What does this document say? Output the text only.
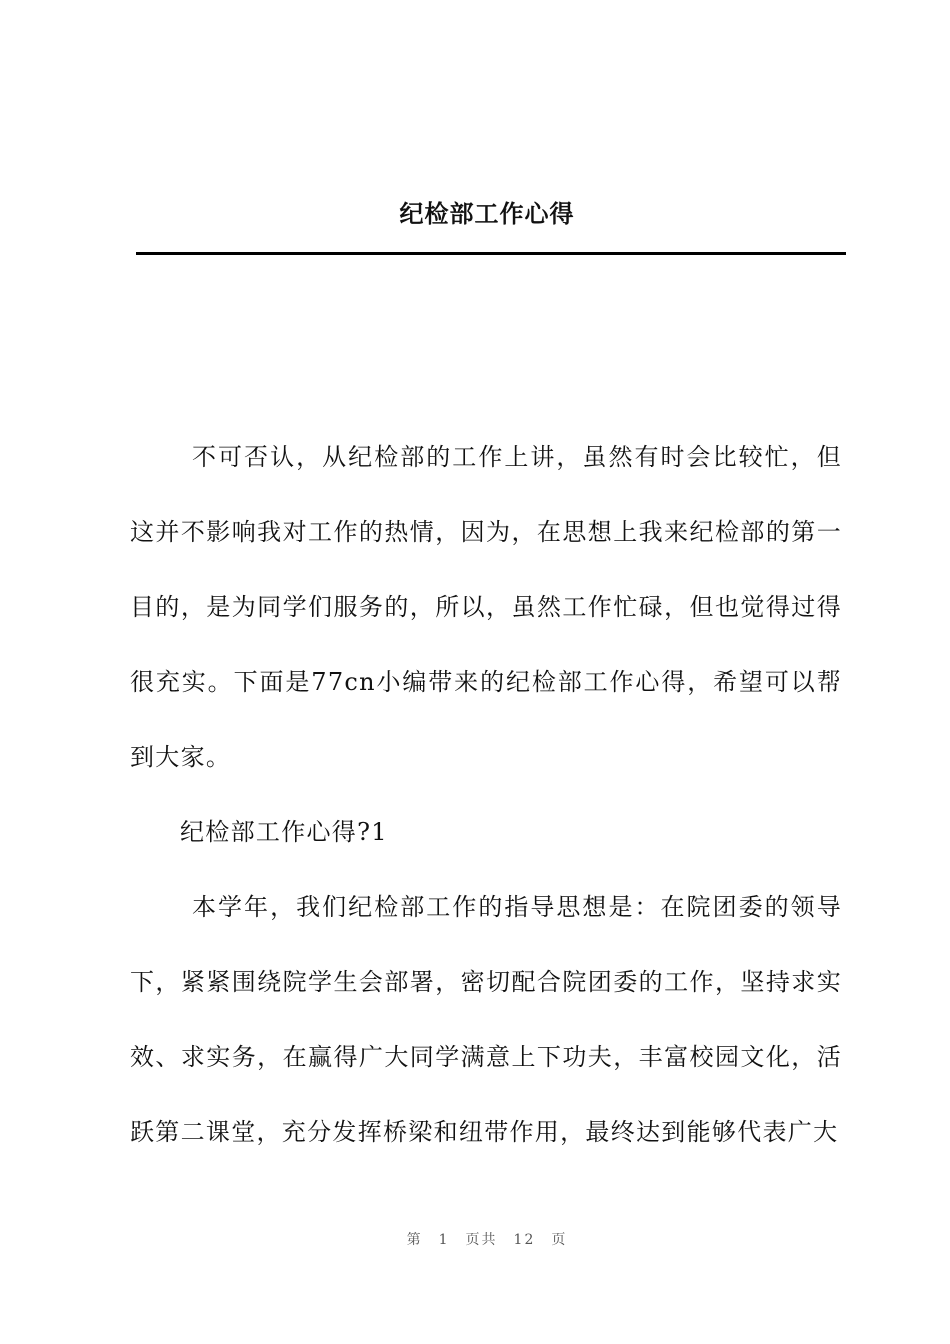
纪检部工作心得

不可否认，从纪检部的工作上讲，虽然有时会比较忙，但这并不影响我对工作的热情，因为，在思想上我来纪检部的第一目的，是为同学们服务的，所以，虽然工作忙碌，但也觉得过得很充实。下面是77cn小编带来的纪检部工作心得，希望可以帮到大家。

纪检部工作心得?1

本学年，我们纪检部工作的指导思想是：在院团委的领导下，紧紧围绕院学生会部署，密切配合院团委的工作，坚持求实效、求实务，在赢得广大同学满意上下功夫，丰富校园文化，活跃第二课堂，充分发挥桥梁和纽带作用，最终达到能够代表广大

第 1 页共 12 页
